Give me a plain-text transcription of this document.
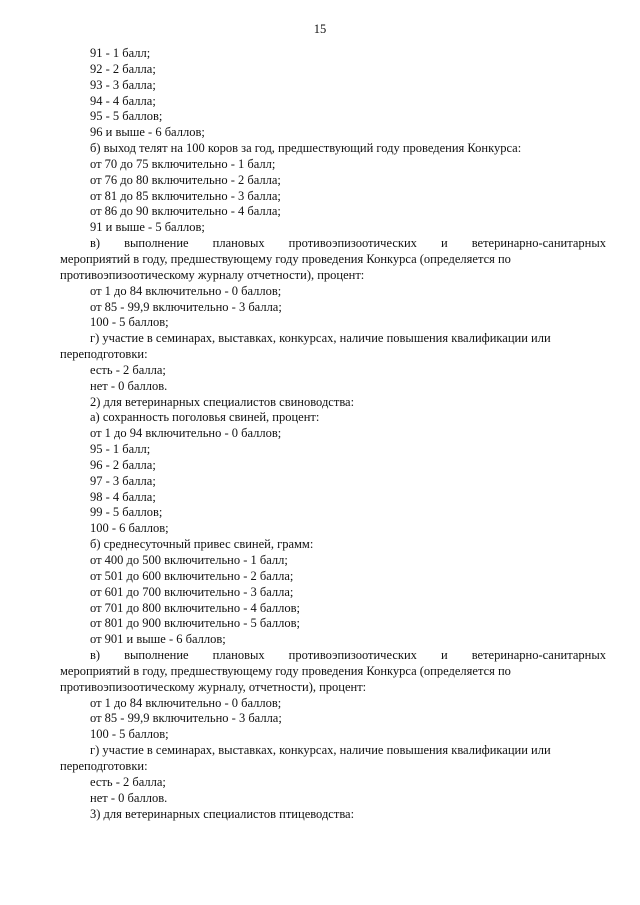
15
91 - 1 балл;
92 - 2 балла;
93 - 3 балла;
94 - 4 балла;
95 - 5 баллов;
96 и выше - 6 баллов;
б) выход телят на 100 коров за год, предшествующий году проведения Конкурса:
от 70 до 75 включительно - 1 балл;
от 76 до 80 включительно - 2 балла;
от 81 до 85 включительно - 3 балла;
от 86 до 90 включительно - 4 балла;
91 и выше - 5 баллов;
в) выполнение плановых противоэпизоотических и ветеринарно-санитарных
мероприятий в году, предшествующему году проведения Конкурса (определяется по
противоэпизоотическому журналу отчетности), процент:
от 1 до 84 включительно - 0 баллов;
от 85 - 99,9 включительно - 3 балла;
100 - 5 баллов;
г) участие в семинарах, выставках, конкурсах, наличие повышения квалификации или
переподготовки:
есть - 2 балла;
нет - 0 баллов.
2) для ветеринарных специалистов свиноводства:
а) сохранность поголовья свиней, процент:
от 1 до 94 включительно - 0 баллов;
95 - 1 балл;
96 - 2 балла;
97 - 3 балла;
98 - 4 балла;
99 - 5 баллов;
100 - 6 баллов;
б) среднесуточный привес свиней, грамм:
от 400 до 500 включительно - 1 балл;
от 501 до 600 включительно - 2 балла;
от 601 до 700 включительно - 3 балла;
от 701 до 800 включительно - 4 баллов;
от 801 до 900 включительно - 5 баллов;
от 901 и выше - 6 баллов;
в) выполнение плановых противоэпизоотических и ветеринарно-санитарных
мероприятий в году, предшествующему году проведения Конкурса (определяется по
противоэпизоотическому журналу, отчетности), процент:
от 1 до 84 включительно - 0 баллов;
от 85 - 99,9 включительно - 3 балла;
100 - 5 баллов;
г) участие в семинарах, выставках, конкурсах, наличие повышения квалификации или
переподготовки:
есть - 2 балла;
нет - 0 баллов.
3) для ветеринарных специалистов птицеводства:
